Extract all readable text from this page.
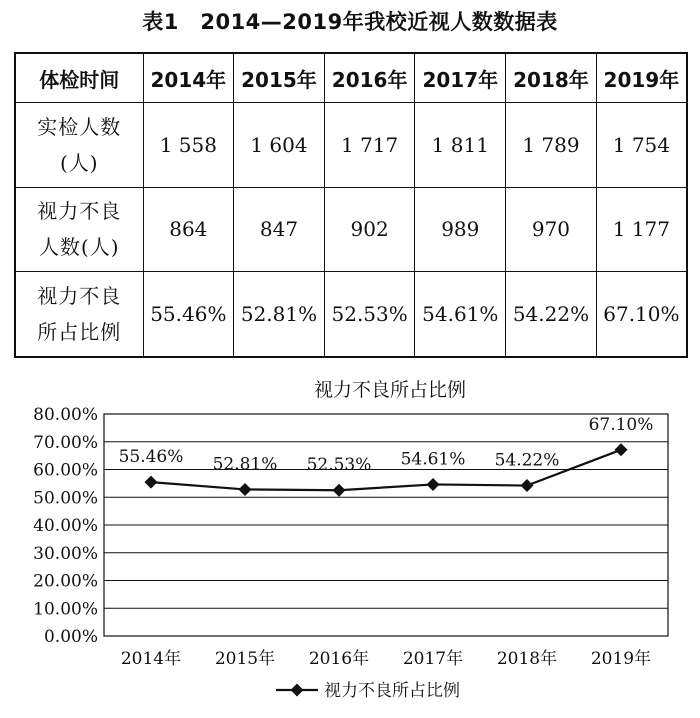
表1　2014—2019年我校近视人数数据表
体检时间	2014年	2015年	2016年	2017年	2018年	2019年
实检人数
(人)	1 558	1 604	1 717	1 811	1 789	1 754
视力不良
人数(人)	864	847	902	989	970	1 177
视力不良
所占比例	55.46%	52.81%	52.53%	54.61%	54.22%	67.10%
视力不良所占比例
0.00%
10.00%
20.00%
30.00%
40.00%
50.00%
60.00%
70.00%
80.00%
2014年 2015年 2016年 2017年 2018年 2019年
55.46% 52.81% 52.53% 54.61% 54.22%
67.10%
视力不良所占比例
